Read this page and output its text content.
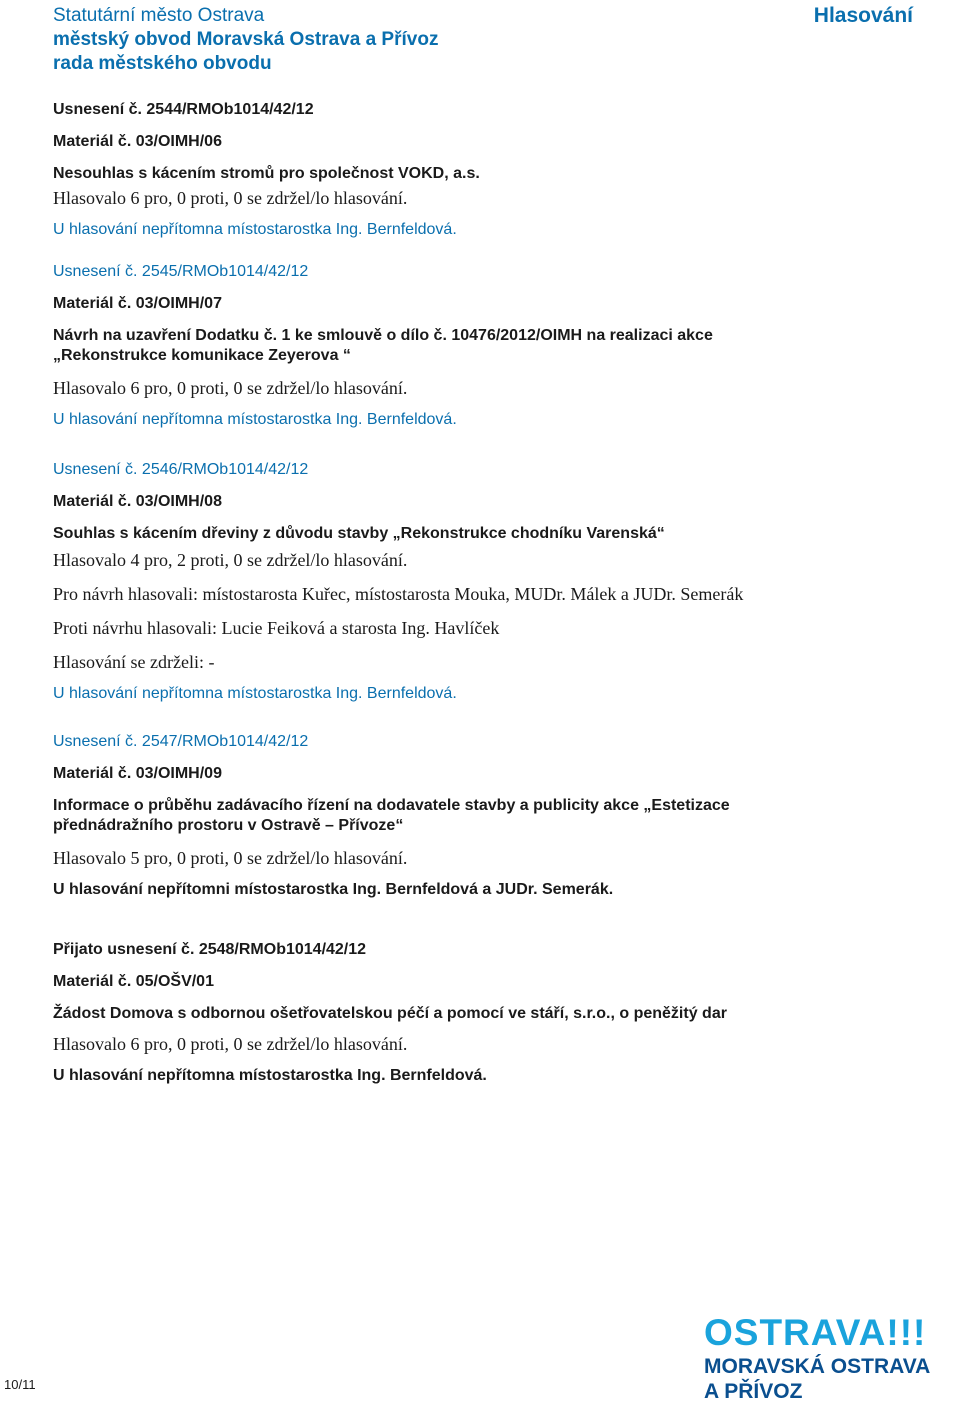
Statutární město Ostrava
městský obvod Moravská Ostrava a Přívoz
rada městského obvodu
Hlasování

Usnesení č. 2544/RMOb1014/42/12

Materiál č. 03/OIMH/06

Nesouhlas s kácením stromů pro společnost VOKD, a.s.

Hlasovalo 6 pro, 0 proti, 0 se zdržel/lo hlasování.

U hlasování nepřítomna místostarostka Ing. Bernfeldová.

Usnesení č. 2545/RMOb1014/42/12

Materiál č. 03/OIMH/07

Návrh na uzavření Dodatku č. 1 ke smlouvě o dílo č. 10476/2012/OIMH na realizaci akce „Rekonstrukce komunikace Zeyerova “

Hlasovalo 6 pro, 0 proti, 0 se zdržel/lo hlasování.

U hlasování nepřítomna místostarostka Ing. Bernfeldová.

Usnesení č. 2546/RMOb1014/42/12

Materiál č. 03/OIMH/08

Souhlas s kácením dřeviny z důvodu stavby „Rekonstrukce chodníku Varenská“

Hlasovalo 4 pro, 2 proti, 0 se zdržel/lo hlasování.

Pro návrh hlasovali: místostarosta Kuřec, místostarosta Mouka, MUDr. Málek a JUDr. Semerák

Proti návrhu hlasovali: Lucie Feiková a starosta Ing. Havlíček

Hlasování se zdrželi: -

U hlasování nepřítomna místostarostka Ing. Bernfeldová.

Usnesení č. 2547/RMOb1014/42/12

Materiál č. 03/OIMH/09

Informace o průběhu zadávacího řízení na dodavatele stavby a publicity akce „Estetizace přednádražního prostoru v Ostravě – Přívoze“

Hlasovalo 5 pro, 0 proti, 0 se zdržel/lo hlasování.

U hlasování nepřítomni místostarostka Ing. Bernfeldová a JUDr. Semerák.

Přijato usnesení č. 2548/RMOb1014/42/12

Materiál č. 05/OŠV/01

Žádost Domova s odbornou ošetřovatelskou péčí a pomocí ve stáří, s.r.o., o peněžitý dar

Hlasovalo 6 pro, 0 proti, 0 se zdržel/lo hlasování.

U hlasování nepřítomna místostarostka Ing. Bernfeldová.

10/11
OSTRAVA!!!
MORAVSKÁ OSTRAVA
A PŘÍVOZ
